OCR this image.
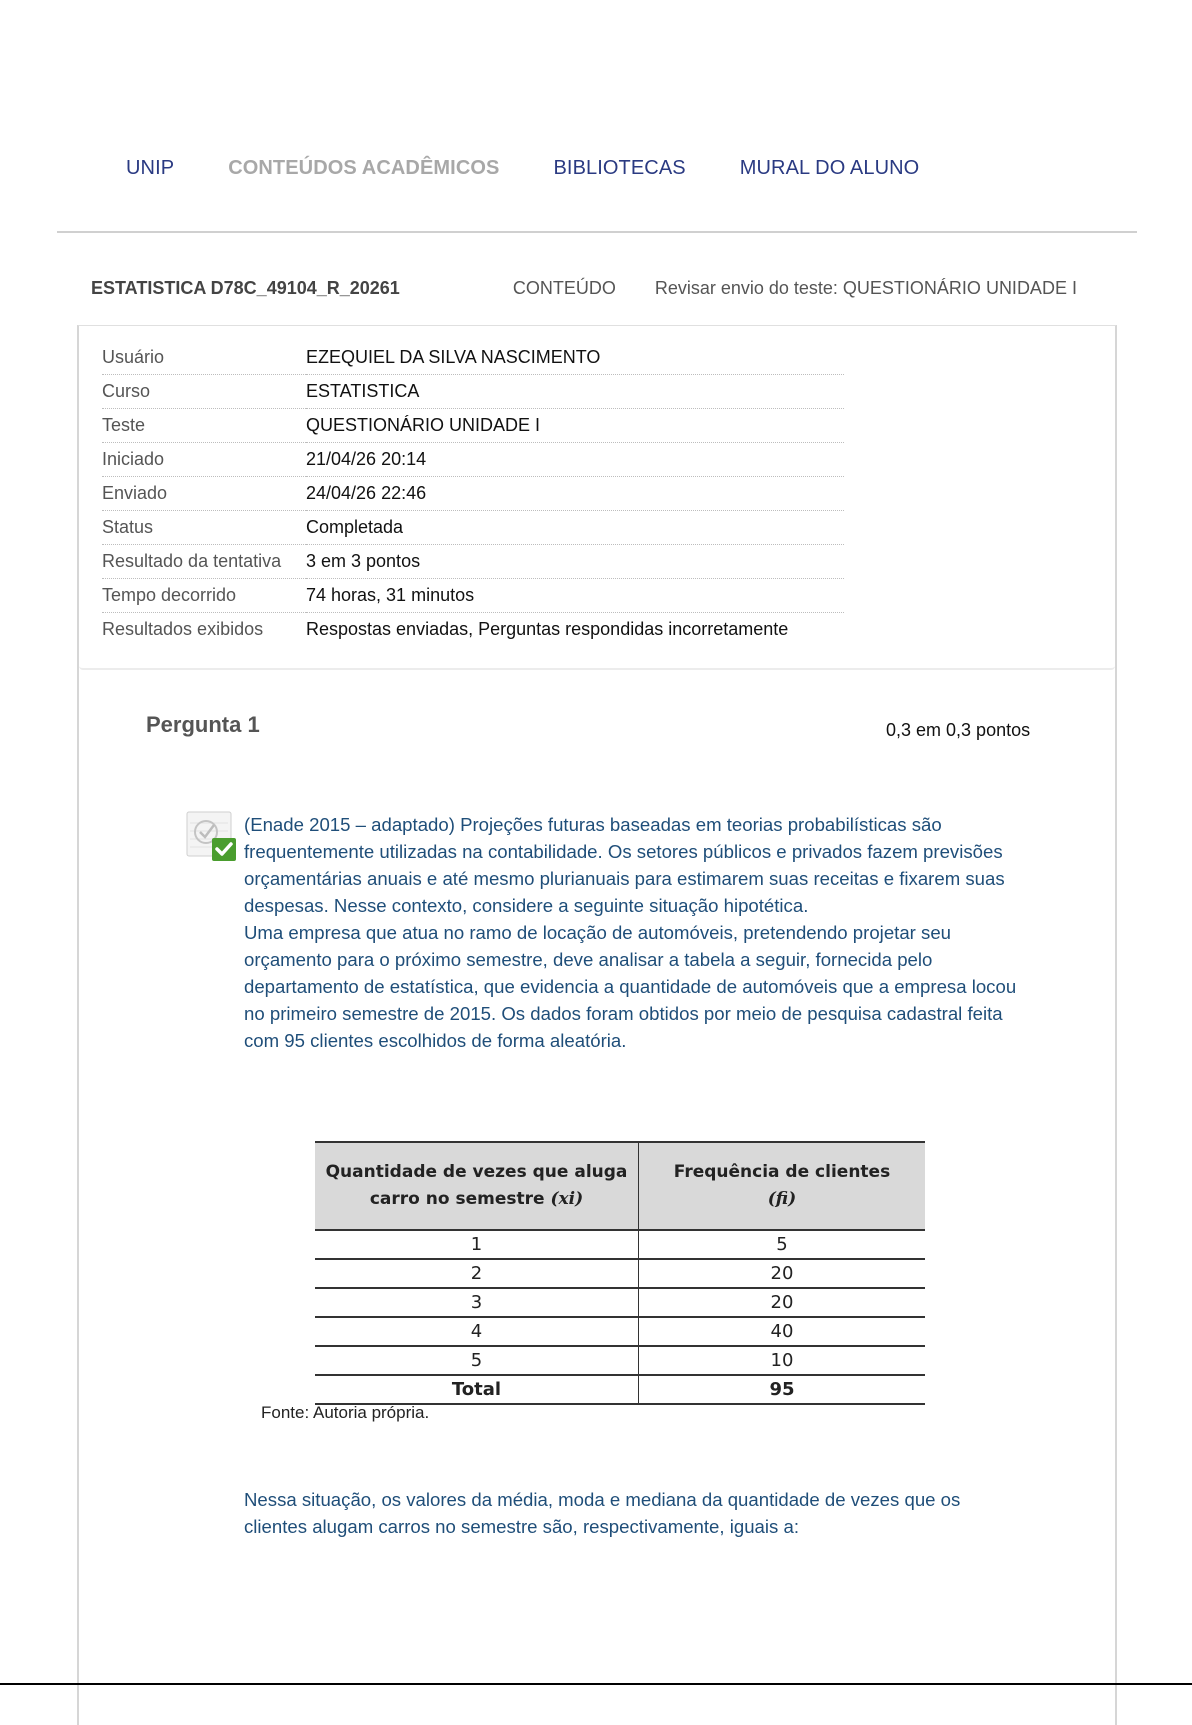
UNIP	CONTEÚDOS ACADÊMICOS	BIBLIOTECAS	MURAL DO ALUNO
ESTATISTICA D78C_49104_R_20261	CONTEÚDO Revisar envio do teste: QUESTIONÁRIO UNIDADE I
Usuário	EZEQUIEL DA SILVA NASCIMENTO
Curso	ESTATISTICA
Teste	QUESTIONÁRIO UNIDADE I
Iniciado	21/04/26 20:14
Enviado	24/04/26 22:46
Status	Completada
Resultado da tentativa	3 em 3 pontos
Tempo decorrido	74 horas, 31 minutos
Resultados exibidos	Respostas enviadas, Perguntas respondidas incorretamente
Pergunta 1	0,3 em 0,3 pontos

(Enade 2015 – adaptado) Projeções futuras baseadas em teorias probabilísticas são frequentemente utilizadas na contabilidade. Os setores públicos e privados fazem previsões orçamentárias anuais e até mesmo plurianuais para estimarem suas receitas e fixarem suas despesas. Nesse contexto, considere a seguinte situação hipotética.

Uma empresa que atua no ramo de locação de automóveis, pretendendo projetar seu orçamento para o próximo semestre, deve analisar a tabela a seguir, fornecida pelo departamento de estatística, que evidencia a quantidade de automóveis que a empresa locou no primeiro semestre de 2015. Os dados foram obtidos por meio de pesquisa cadastral feita com 95 clientes escolhidos de forma aleatória.

Quantidade de vezes que aluga carro no semestre (xi)	Frequência de clientes
(fi)
1	5
2	20
3	20
4	40
5	10
Total	95
Fonte: Autoria própria.
Nessa situação, os valores da média, moda e mediana da quantidade de vezes que os clientes alugam carros no semestre são, respectivamente, iguais a:
